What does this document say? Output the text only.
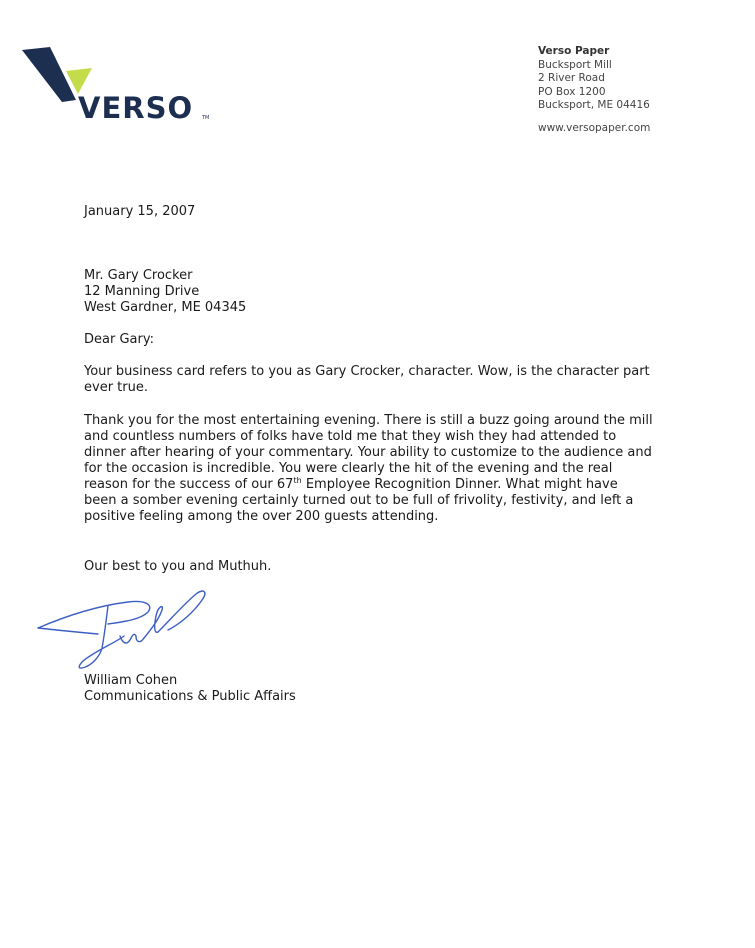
VERSO TM
Verso Paper
Bucksport Mill
2 River Road
PO Box 1200
Bucksport, ME 04416
www.versopaper.com
January 15, 2007
Mr. Gary Crocker
12 Manning Drive
West Gardner, ME 04345
Dear Gary:
Your business card refers to you as Gary Crocker, character. Wow, is the character part ever true.
Thank you for the most entertaining evening. There is still a buzz going around the mill and countless numbers of folks have told me that they wish they had attended to dinner after hearing of your commentary. Your ability to customize to the audience and for the occasion is incredible. You were clearly the hit of the evening and the real reason for the success of our 67th Employee Recognition Dinner. What might have been a somber evening certainly turned out to be full of frivolity, festivity, and left a positive feeling among the over 200 guests attending.
Our best to you and Muthuh.
William Cohen
Communications & Public Affairs
